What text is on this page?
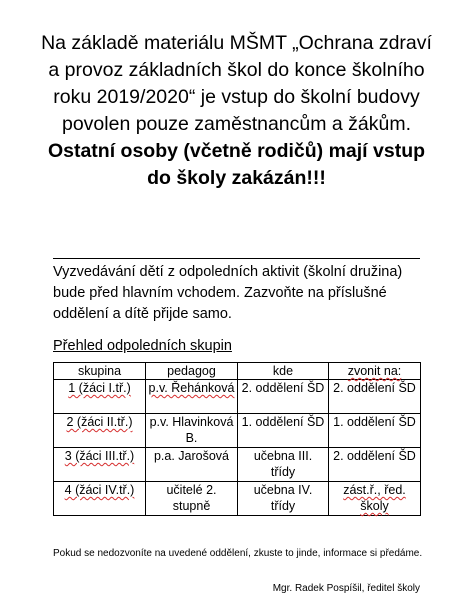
Na základě materiálu MŠMT „Ochrana zdraví a provoz základních škol do konce školního roku 2019/2020“ je vstup do školní budovy povolen pouze zaměstnancům a žákům. Ostatní osoby (včetně rodičů) mají vstup do školy zakázán!!!
Vyzvedávání dětí z odpoledních aktivit (školní družina) bude před hlavním vchodem. Zazvoňte na příslušné oddělení a dítě přijde samo.
Přehled odpoledních skupin
skupina	pedagog	kde	zvonit na:
1 (žáci I.tř.)	p.v. Řehánková	2. oddělení ŠD	2. oddělení ŠD
2 (žáci II.tř.)	p.v. Hlavinková B.	1. oddělení ŠD	1. oddělení ŠD
3 (žáci III.tř.)	p.a. Jarošová	učebna III. třídy	2. oddělení ŠD
4 (žáci IV.tř.)	učitelé 2. stupně	učebna IV. třídy	zást.ř., řed. školy
Pokud se nedozvoníte na uvedené oddělení, zkuste to jinde, informace si předáme.
Mgr. Radek Pospíšil, ředitel školy
